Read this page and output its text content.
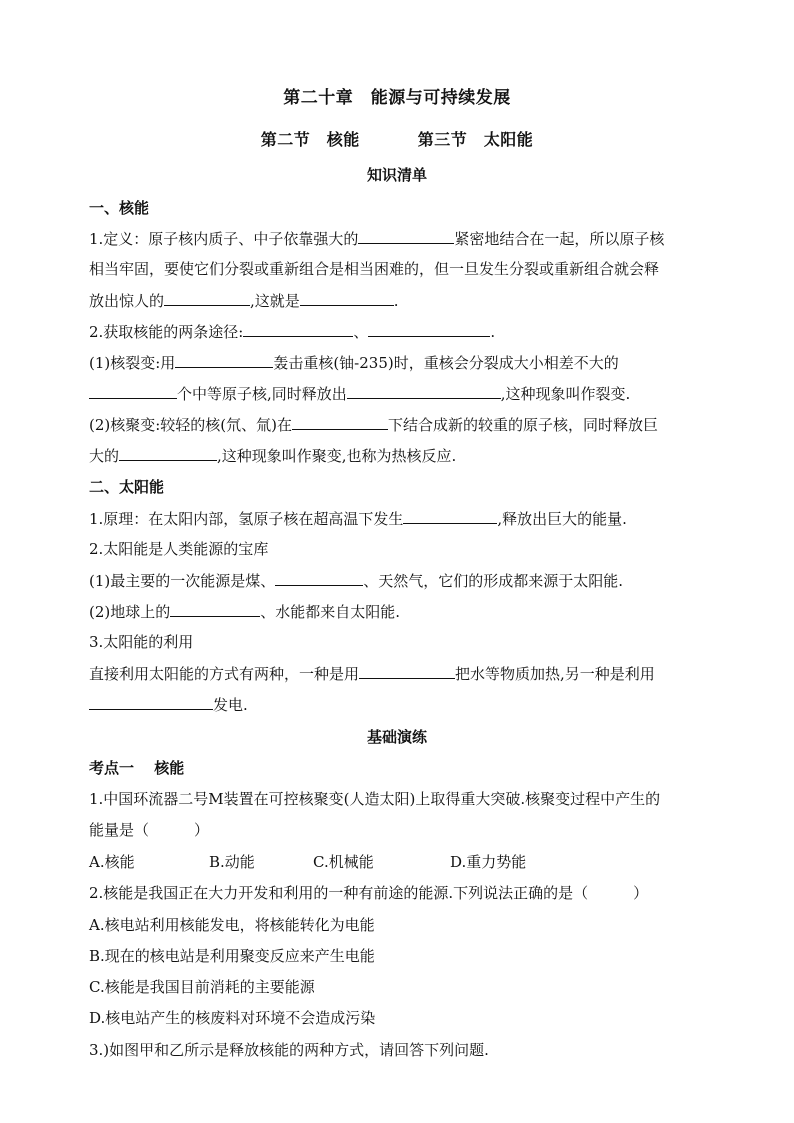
第二十章　能源与可持续发展
第二节　核能	第三节　太阳能
知识清单
一、核能
1.定义：原子核内质子、中子依靠强大的	紧密地结合在一起，所以原子核
相当牢固，要使它们分裂或重新组合是相当困难的，但一旦发生分裂或重新组合就会释
放出惊人的	,这就是	.
2.获取核能的两条途径:	、	.
(1)核裂变:用	轰击重核(铀-235)时，重核会分裂成大小相差不大的
个中等原子核,同时释放出	,这种现象叫作裂变.
(2)核聚变:较轻的核(氘、氚)在	下结合成新的较重的原子核，同时释放巨
大的	,这种现象叫作聚变,也称为热核反应.
二、太阳能
1.原理：在太阳内部，氢原子核在超高温下发生	,释放出巨大的能量.
2.太阳能是人类能源的宝库
(1)最主要的一次能源是煤、	、天然气，它们的形成都来源于太阳能.
(2)地球上的	、水能都来自太阳能.
3.太阳能的利用
直接利用太阳能的方式有两种，一种是用	把水等物质加热,另一种是利用
发电.
基础演练
考点一　 核能
1.中国环流器二号M装置在可控核聚变(人造太阳)上取得重大突破.核聚变过程中产生的
能量是（　　　）
A.核能	B.动能	C.机械能	D.重力势能
2.核能是我国正在大力开发和利用的一种有前途的能源.下列说法正确的是（　　　）
A.核电站利用核能发电，将核能转化为电能
B.现在的核电站是利用聚变反应来产生电能
C.核能是我国目前消耗的主要能源
D.核电站产生的核废料对环境不会造成污染
3.)如图甲和乙所示是释放核能的两种方式，请回答下列问题.
